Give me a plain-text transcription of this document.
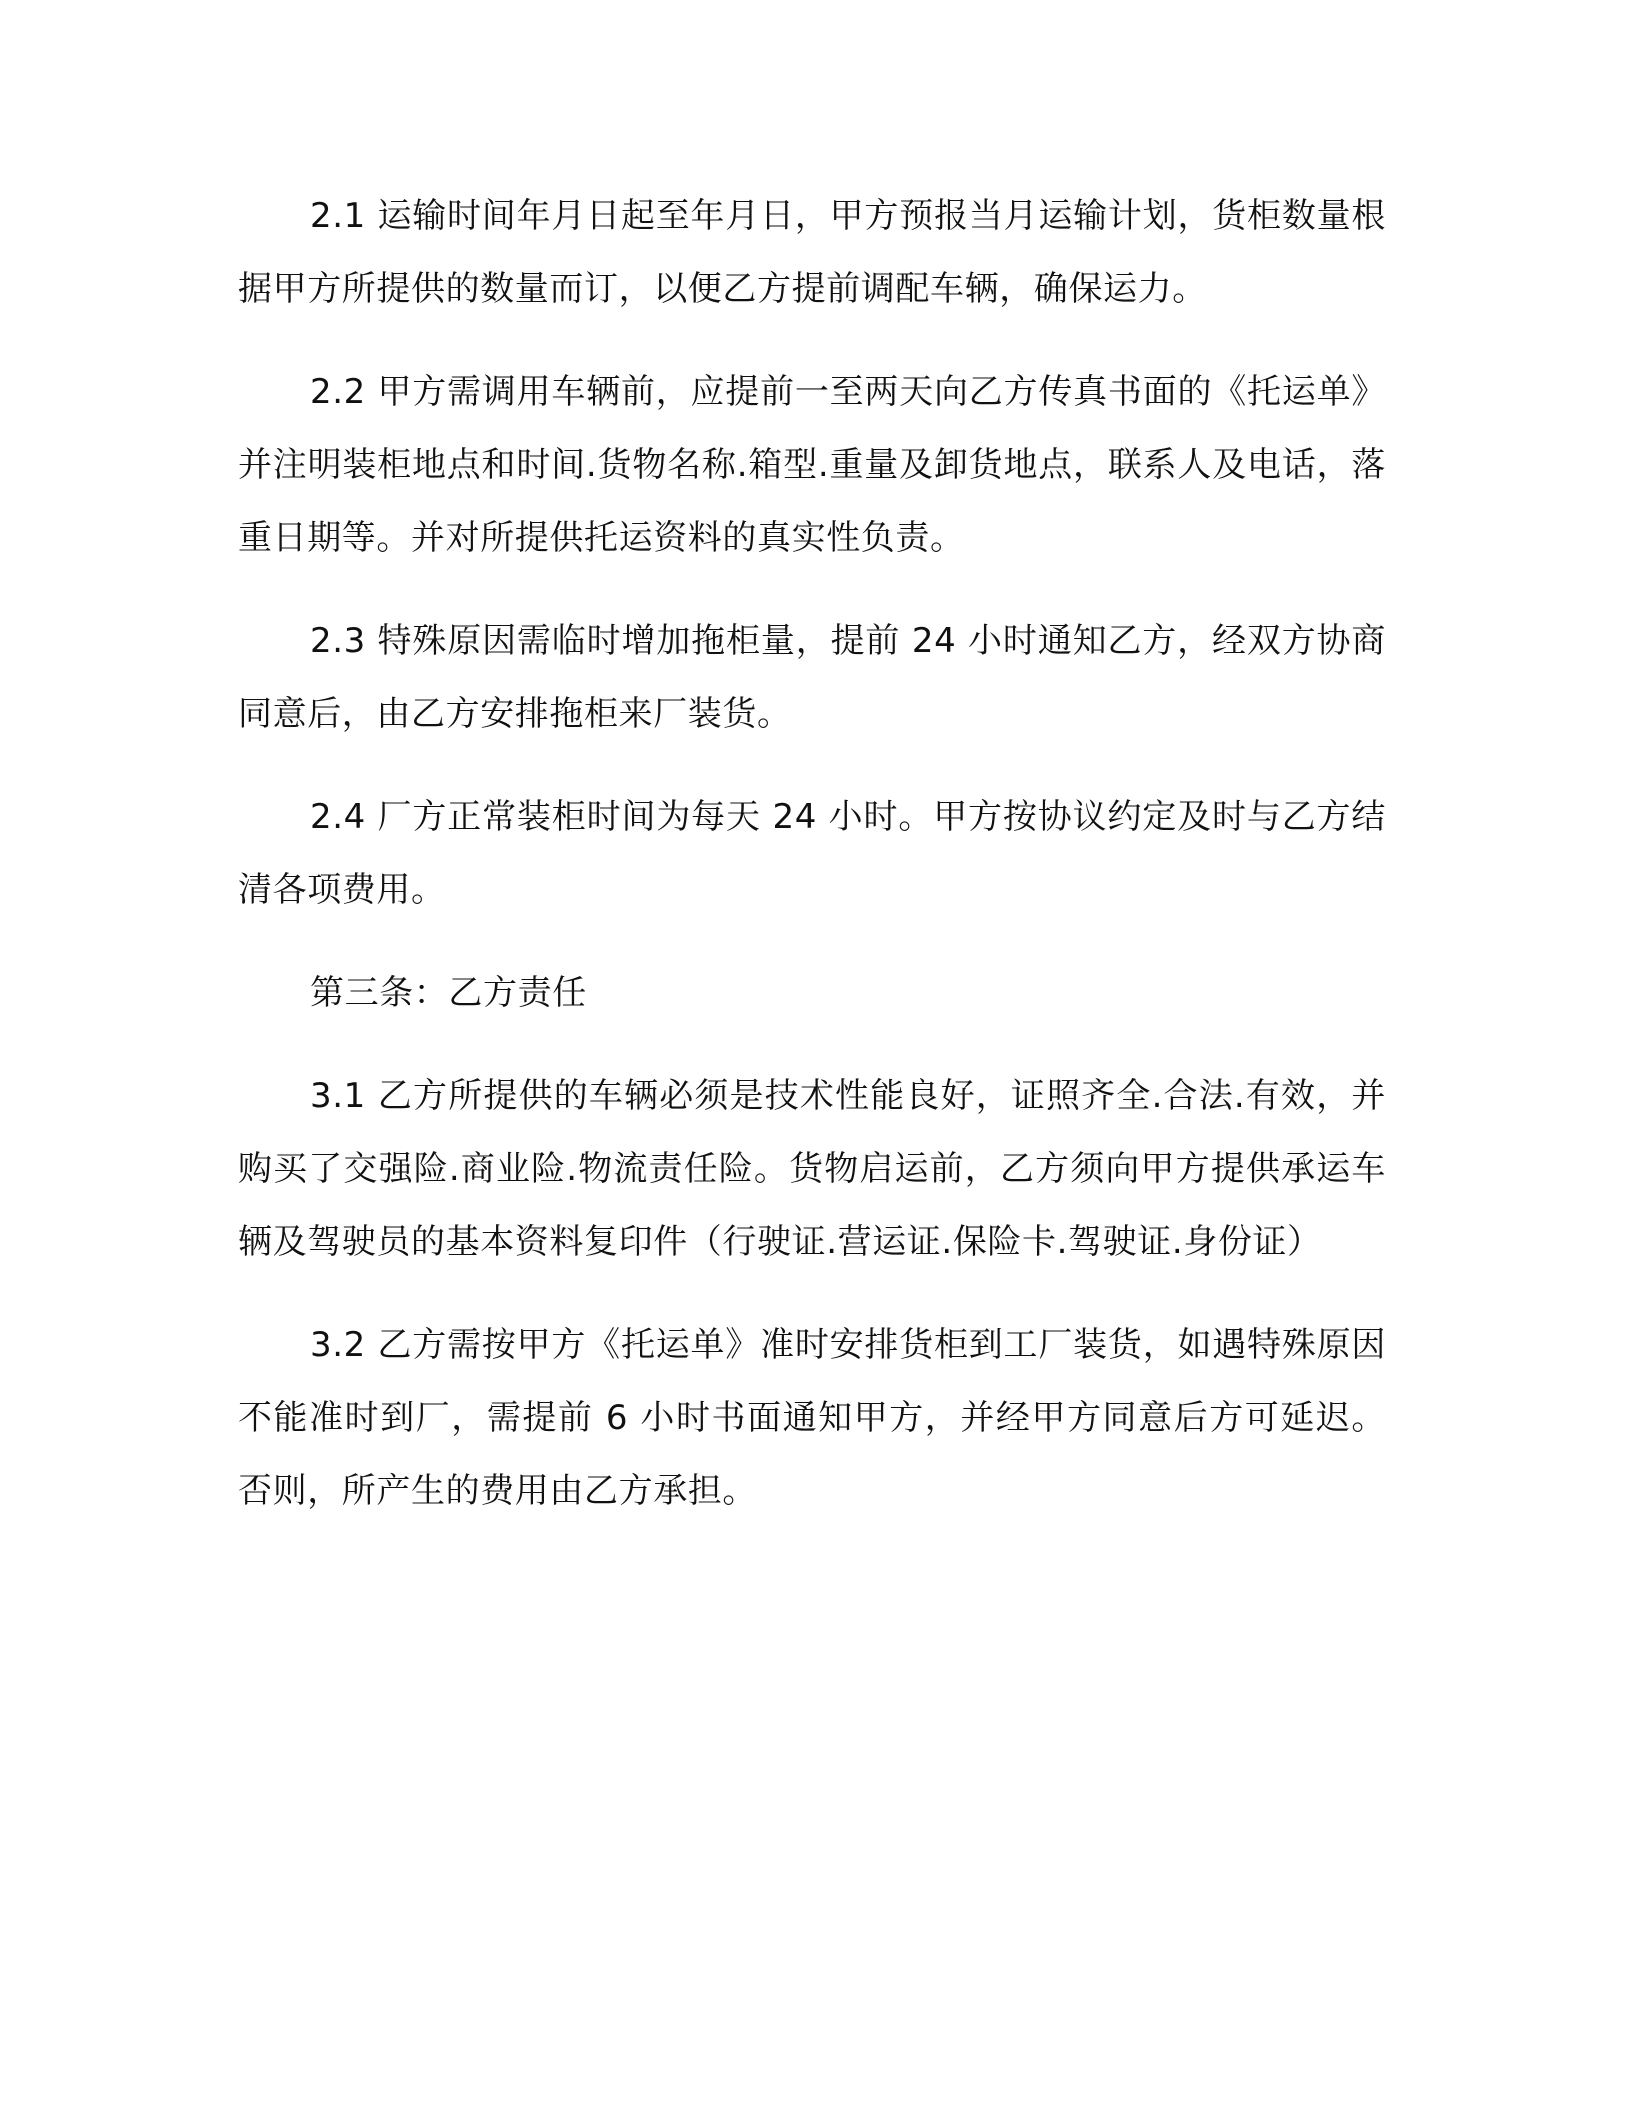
2.1 运输时间年月日起至年月日，甲方预报当月运输计划，货柜数量根据甲方所提供的数量而订，以便乙方提前调配车辆，确保运力。

2.2 甲方需调用车辆前，应提前一至两天向乙方传真书面的《托运单》并注明装柜地点和时间.货物名称.箱型.重量及卸货地点，联系人及电话，落重日期等。并对所提供托运资料的真实性负责。

2.3 特殊原因需临时增加拖柜量，提前 24 小时通知乙方，经双方协商同意后，由乙方安排拖柜来厂装货。

2.4 厂方正常装柜时间为每天 24 小时。甲方按协议约定及时与乙方结清各项费用。

第三条：乙方责任

3.1 乙方所提供的车辆必须是技术性能良好，证照齐全.合法.有效，并购买了交强险.商业险.物流责任险。货物启运前，乙方须向甲方提供承运车辆及驾驶员的基本资料复印件（行驶证.营运证.保险卡.驾驶证.身份证）

3.2 乙方需按甲方《托运单》准时安排货柜到工厂装货，如遇特殊原因不能准时到厂，需提前 6 小时书面通知甲方，并经甲方同意后方可延迟。否则，所产生的费用由乙方承担。
